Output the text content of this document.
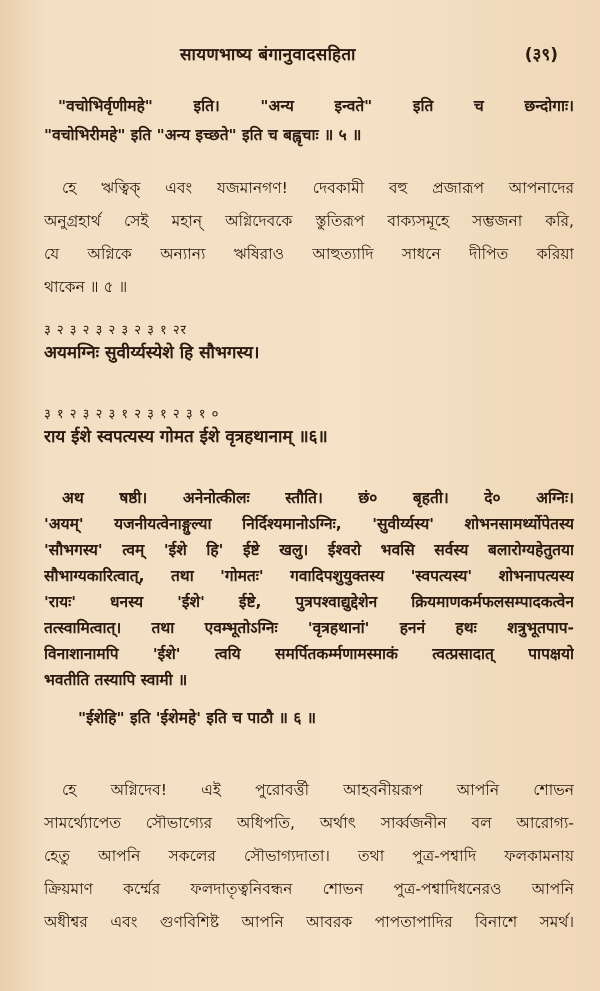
सायणभाष्य बंगानुवादसहिता	(३९)
"वचोभिर्वृणीमहे" इति। "अन्य इन्वते" इति च छन्दोगाः।
"वचोभिरीमहे" इति "अन्य इच्छते" इति च बह्वृचाः ॥ ५ ॥
হে ঋত্বিক্ এবং যজমানগণ! দেবকামী বহু প্রজারূপ আপনাদের
অনুগ্রহার্থ সেই মহান্ অগ্নিদেবকে স্তুতিরূপ বাক্যসমূহে সম্ভজনা করি,
যে অগ্নিকে অন্যান্য ঋষিরাও আহুত্যাদি সাধনে দীপিত করিয়া
থাকেন ॥ ৫ ॥
३ २ ३ २ ३ २ ३ २ ३ १ २र
अयमग्निः सुवीर्य्यस्येशे हि सौभगस्य।
३ १ २ ३ २ ३ १ २ ३ १ २ ३ १ ०
राय ईशे स्वपत्यस्य गोमत ईशे वृत्रहथानाम् ॥६॥
अथ षष्ठी। अनेनोत्कीलः स्तौति। छं० बृहती। दे० अग्निः।
'अयम्' यजनीयत्वेनाङ्गुल्या निर्दिश्यमानोऽग्निः, 'सुवीर्य्यस्य' शोभनसामर्थ्योपेतस्य
'सौभगस्य' त्वम् 'ईशे हि' ईष्टे खलु। ईश्वरो भवसि सर्वस्य बलारोग्यहेतुतया
सौभाग्यकारित्वात्, तथा 'गोमतः' गवादिपशुयुक्तस्य 'स्वपत्यस्य' शोभनापत्यस्य
'रायः' धनस्य 'ईशे' ईष्टे, पुत्रपश्वाद्युद्देशेन क्रियमाणकर्मफलसम्पादकत्वेन
तत्स्वामित्वात्। तथा एवम्भूतोऽग्निः 'वृत्रहथानां' हननं हथः शत्रुभूतपाप-
विनाशानामपि 'ईशे' त्वयि समर्पितकर्म्मणामस्माकं त्वत्प्रसादात् पापक्षयो
भवतीति तस्यापि स्वामी ॥
"ईशेहि" इति 'ईशेमहे' इति च पाठौ ॥ ६ ॥
হে অগ্নিদেব! এই পুরোবর্ত্তী আহবনীয়রূপ আপনি শোভন
সামর্থ্যোপেত সৌভাগ্যের অধিপতি, অর্থাৎ সার্ব্বজনীন বল আরোগ্য-
হেতু আপনি সকলের সৌভাগ্যদাতা। তথা পুত্র-পশ্বাদি ফলকামনায়
ক্রিয়মাণ কর্ম্মের ফলদাতৃত্বনিবন্ধন শোভন পুত্র-পশ্বাদিধনেরও আপনি
অধীশ্বর এবং গুণবিশিষ্ট আপনি আবরক পাপতাপাদির বিনাশে সমর্থ।
